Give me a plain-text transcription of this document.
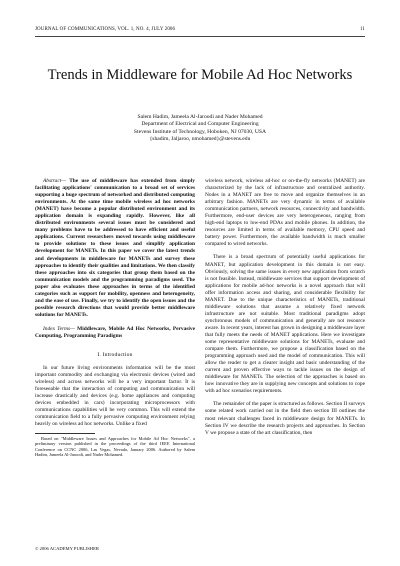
JOURNAL OF COMMUNICATIONS, VOL. 1, NO. 4, JULY 2006	11
Trends in Middleware for Mobile Ad Hoc Networks
Salem Hadim, Jameela Al-Jaroodi and Nader Mohamed
Department of Electrical and Computer Engineering
Stevens Institute of Technology, Hoboken, NJ 07030, USA
{shadim, Jaljaroo, nmohamed}@stevens.edu

Abstract— The use of middleware has extended from simply facilitating applications' communication to a broad set of services supporting a huge spectrum of networked and distributed computing environments. At the same time mobile wireless ad hoc networks (MANET) have become a popular distributed environment and its application domain is expanding rapidly. However, like all distributed environments several issues must be considered and many problems have to be addressed to have efficient and useful applications. Current researchers moved towards using middleware to provide solutions to these issues and simplify application development for MANETs. In this paper we cover the latest trends and developments in middleware for MANETs and survey these approaches to identify their qualities and limitations. We then classify these approaches into six categories that group them based on the communication models and the programming paradigms used. The paper also evaluates these approaches in terms of the identified categories such as support for mobility, openness and heterogeneity, and the ease of use. Finally, we try to identify the open issues and the possible research directions that would provide better middleware solutions for MANETs.

Index Terms— Middleware, Mobile Ad Hoc Networks, Pervasive Computing, Programming Paradigms

I. Introduction

In our future living environments information will be the most important commodity and exchanging via electronic devices (wired and wireless) and across networks will be a very important factor. It is foreseeable that the interaction of computing and communication will increase drastically and devices (e.g. home appliances and computing devices embedded in cars) incorporating microprocessors with communications capabilities will be very common. This will extend the communication field to a fully pervasive computing environment relying heavily on wireless ad hoc networks. Unlike a fixed

Based on "Middleware Issues and Approaches for Mobile Ad Hoc Networks", a preliminary version published in the proceedings of the third IEEE International Conference on CCNC 2006, Las Vegas, Nevada, January 2006. Authored by Salem Hadim, Jameela Al-Jaroodi, and Nader Mohamed.

wireless network, wireless ad-hoc or on-the-fly networks (MANET) are characterized by the lack of infrastructure and centralized authority. Nodes in a MANET are free to move and organize themselves in an arbitrary fashion. MANETs are very dynamic in terms of available communication partners, network resources, connectivity and bandwidth. Furthermore, end-user devices are very heterogeneous, ranging from high-end laptops to low-end PDAs and mobile phones. In addition, the resources are limited in terms of available memory, CPU speed and battery power. Furthermore, the available bandwidth is much smaller compared to wired networks.

There is a broad spectrum of potentially useful applications for MANET, but application development in this domain is not easy. Obviously, solving the same issues in every new application from scratch is not feasible. Instead, middleware services that support development of applications for mobile ad-hoc networks is a novel approach that will offer information access and sharing, and considerable flexibility for MANET. Due to the unique characteristics of MANETs, traditional middleware solutions that assume a relatively fixed network infrastructure are not suitable. Most traditional paradigms adopt synchronous models of communication and generally are not resource aware. In recent years, interest has grown in designing a middleware layer that fully meets the needs of MANET applications. Here we investigate some representative middleware solutions for MANETs, evaluate and compare them. Furthermore, we propose a classification based on the programming approach used and the model of communication. This will allow the reader to get a clearer insight and basic understanding of the current and proven effective ways to tackle issues on the design of middleware for MANETs. The selection of the approaches is based on how innovative they are in supplying new concepts and solutions to cope with ad hoc scenarios requirements.

The remainder of the paper is structured as follows. Section II surveys some related work carried out in the field then section III outlines the most relevant challenges faced in middleware design for MANETs. In Section IV we describe the research projects and approaches. In Section V we propose a state of the art classification, then

© 2006 ACADEMY PUBLISHER
